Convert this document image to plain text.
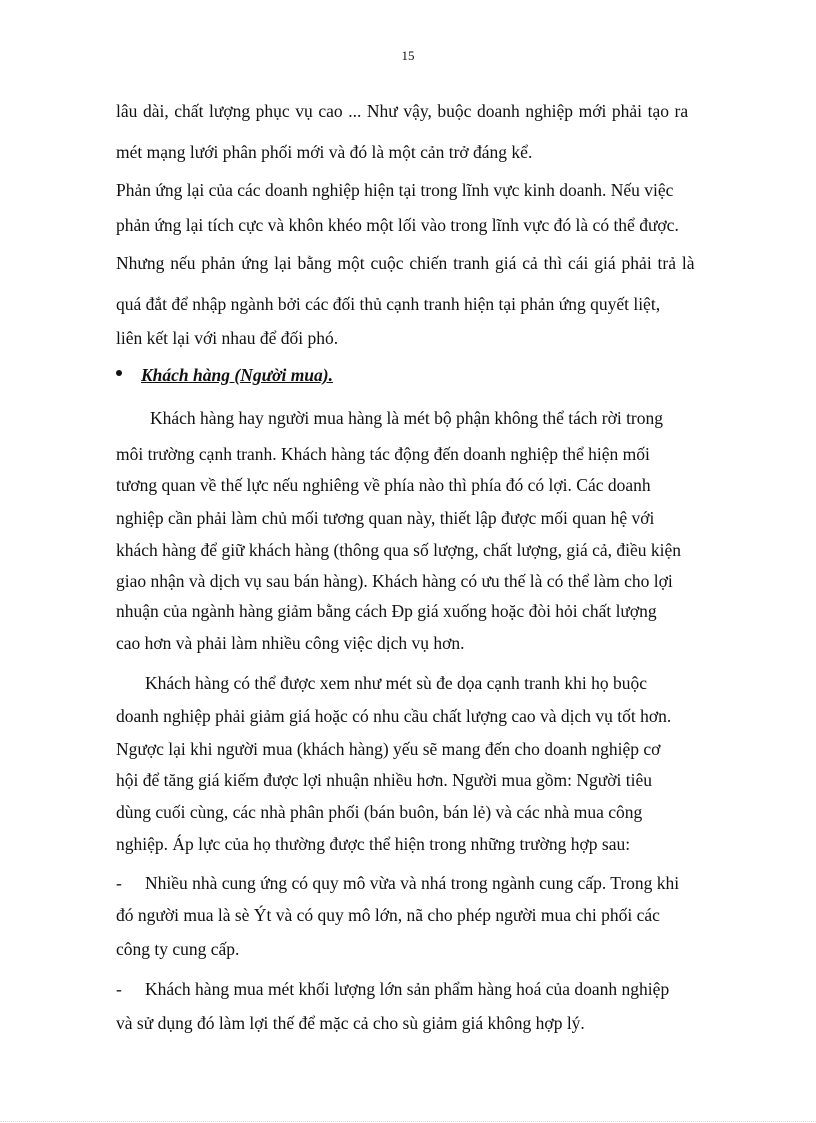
15
lâu dài, chất lượng phục vụ cao ... Như vậy, buộc doanh nghiệp mới phải tạo ra
mét mạng lưới phân phối mới và đó là một cản trở đáng kể.
Phản ứng lại của các doanh nghiệp hiện tại trong lĩnh vực kinh doanh. Nếu việc
phản ứng lại tích cực và khôn khéo một lối vào trong lĩnh vực đó là có thể được.
Nhưng nếu phản ứng lại bằng một cuộc chiến tranh giá cả thì cái giá phải trả là
quá đắt để nhập ngành bởi các đối thủ cạnh tranh hiện tại phản ứng quyết liệt,
liên kết lại với nhau để đối phó.
Khách hàng (Người mua).
Khách hàng hay người mua hàng là mét bộ phận không thể tách rời trong
môi trường cạnh tranh. Khách hàng tác động đến doanh nghiệp thể hiện mối
tương quan về thế lực nếu nghiêng về phía nào thì phía đó có lợi. Các doanh
nghiệp cần phải làm chủ mối tương quan này, thiết lập được mối quan hệ với
khách hàng để giữ khách hàng (thông qua số lượng, chất lượng, giá cả, điều kiện
giao nhận và dịch vụ sau bán hàng). Khách hàng có ưu thế là có thể làm cho lợi
nhuận của ngành hàng giảm bằng cách Ðp giá xuống hoặc đòi hỏi chất lượng
cao hơn và phải làm nhiều công việc dịch vụ hơn.
Khách hàng có thể được xem như mét sù đe dọa cạnh tranh khi họ buộc
doanh nghiệp phải giảm giá hoặc có nhu cầu chất lượng cao và dịch vụ tốt hơn.
Ngược lại khi người mua (khách hàng) yếu sẽ mang đến cho doanh nghiệp cơ
hội để tăng giá kiếm được lợi nhuận nhiều hơn. Người mua gồm: Người tiêu
dùng cuối cùng, các nhà phân phối (bán buôn, bán lẻ) và các nhà mua công
nghiệp. Áp lực của họ thường được thể hiện trong những trường hợp sau:
- Nhiều nhà cung ứng có quy mô vừa và nhá trong ngành cung cấp. Trong khi
đó người mua là sè Ýt và có quy mô lớn, nã cho phép người mua chi phối các
công ty cung cấp.
- Khách hàng mua mét khối lượng lớn sản phẩm hàng hoá của doanh nghiệp
và sử dụng đó làm lợi thế để mặc cả cho sù giảm giá không hợp lý.
